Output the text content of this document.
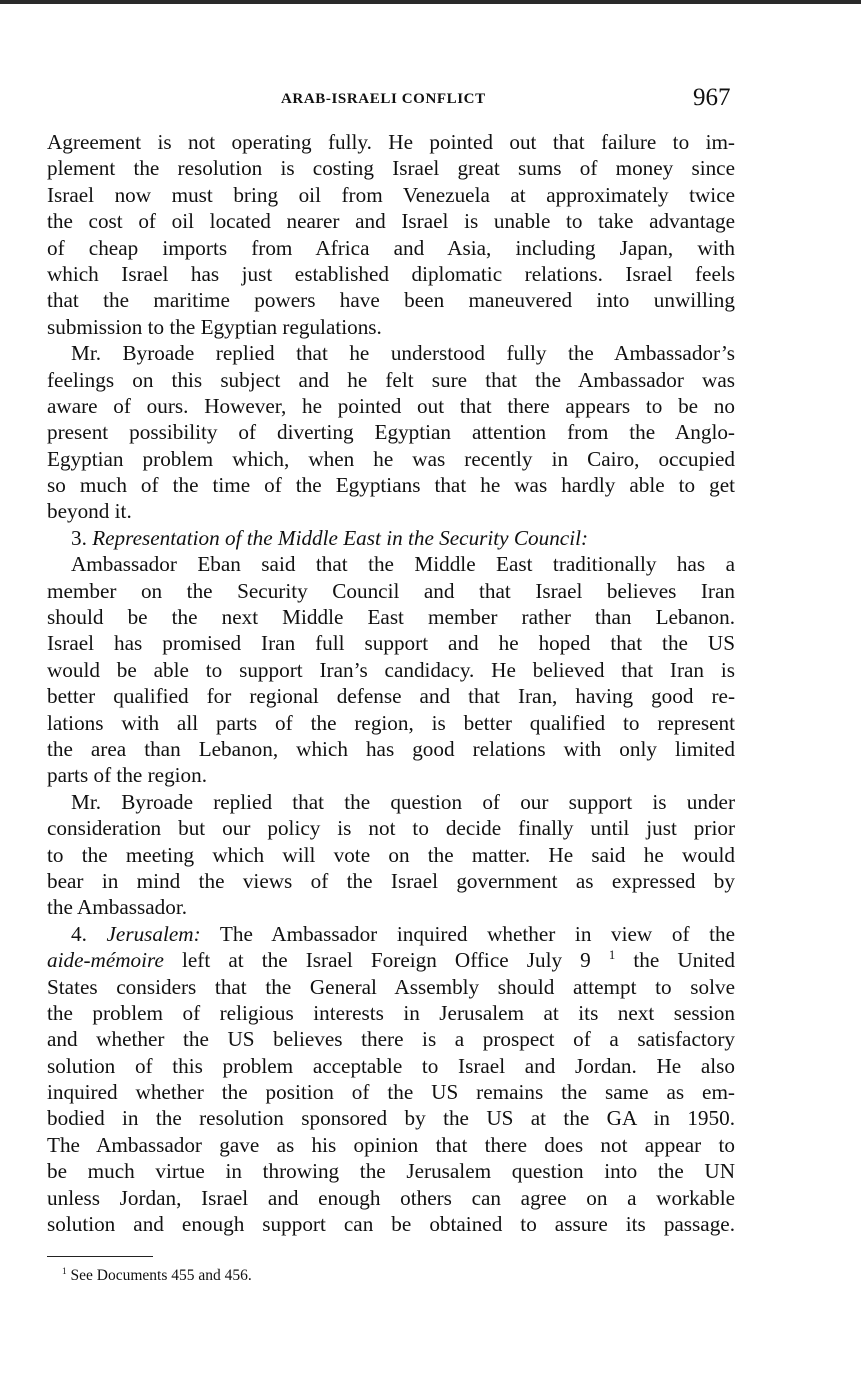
ARAB-ISRAELI CONFLICT	967
Agreement is not operating fully. He pointed out that failure to im-
plement the resolution is costing Israel great sums of money since
Israel now must bring oil from Venezuela at approximately twice
the cost of oil located nearer and Israel is unable to take advantage
of cheap imports from Africa and Asia, including Japan, with
which Israel has just established diplomatic relations. Israel feels
that the maritime powers have been maneuvered into unwilling
submission to the Egyptian regulations.
Mr. Byroade replied that he understood fully the Ambassador’s
feelings on this subject and he felt sure that the Ambassador was
aware of ours. However, he pointed out that there appears to be no
present possibility of diverting Egyptian attention from the Anglo-
Egyptian problem which, when he was recently in Cairo, occupied
so much of the time of the Egyptians that he was hardly able to get
beyond it.
3. Representation of the Middle East in the Security Council:
Ambassador Eban said that the Middle East traditionally has a
member on the Security Council and that Israel believes Iran
should be the next Middle East member rather than Lebanon.
Israel has promised Iran full support and he hoped that the US
would be able to support Iran’s candidacy. He believed that Iran is
better qualified for regional defense and that Iran, having good re-
lations with all parts of the region, is better qualified to represent
the area than Lebanon, which has good relations with only limited
parts of the region.
Mr. Byroade replied that the question of our support is under
consideration but our policy is not to decide finally until just prior
to the meeting which will vote on the matter. He said he would
bear in mind the views of the Israel government as expressed by
the Ambassador.
4. Jerusalem: The Ambassador inquired whether in view of the
aide-mémoire left at the Israel Foreign Office July 9 $^1$ the United
States considers that the General Assembly should attempt to solve
the problem of religious interests in Jerusalem at its next session
and whether the US believes there is a prospect of a satisfactory
solution of this problem acceptable to Israel and Jordan. He also
inquired whether the position of the US remains the same as em-
bodied in the resolution sponsored by the US at the GA in 1950.
The Ambassador gave as his opinion that there does not appear to
be much virtue in throwing the Jerusalem question into the UN
unless Jordan, Israel and enough others can agree on a workable
solution and enough support can be obtained to assure its passage.
$^1$ See Documents 455 and 456.
